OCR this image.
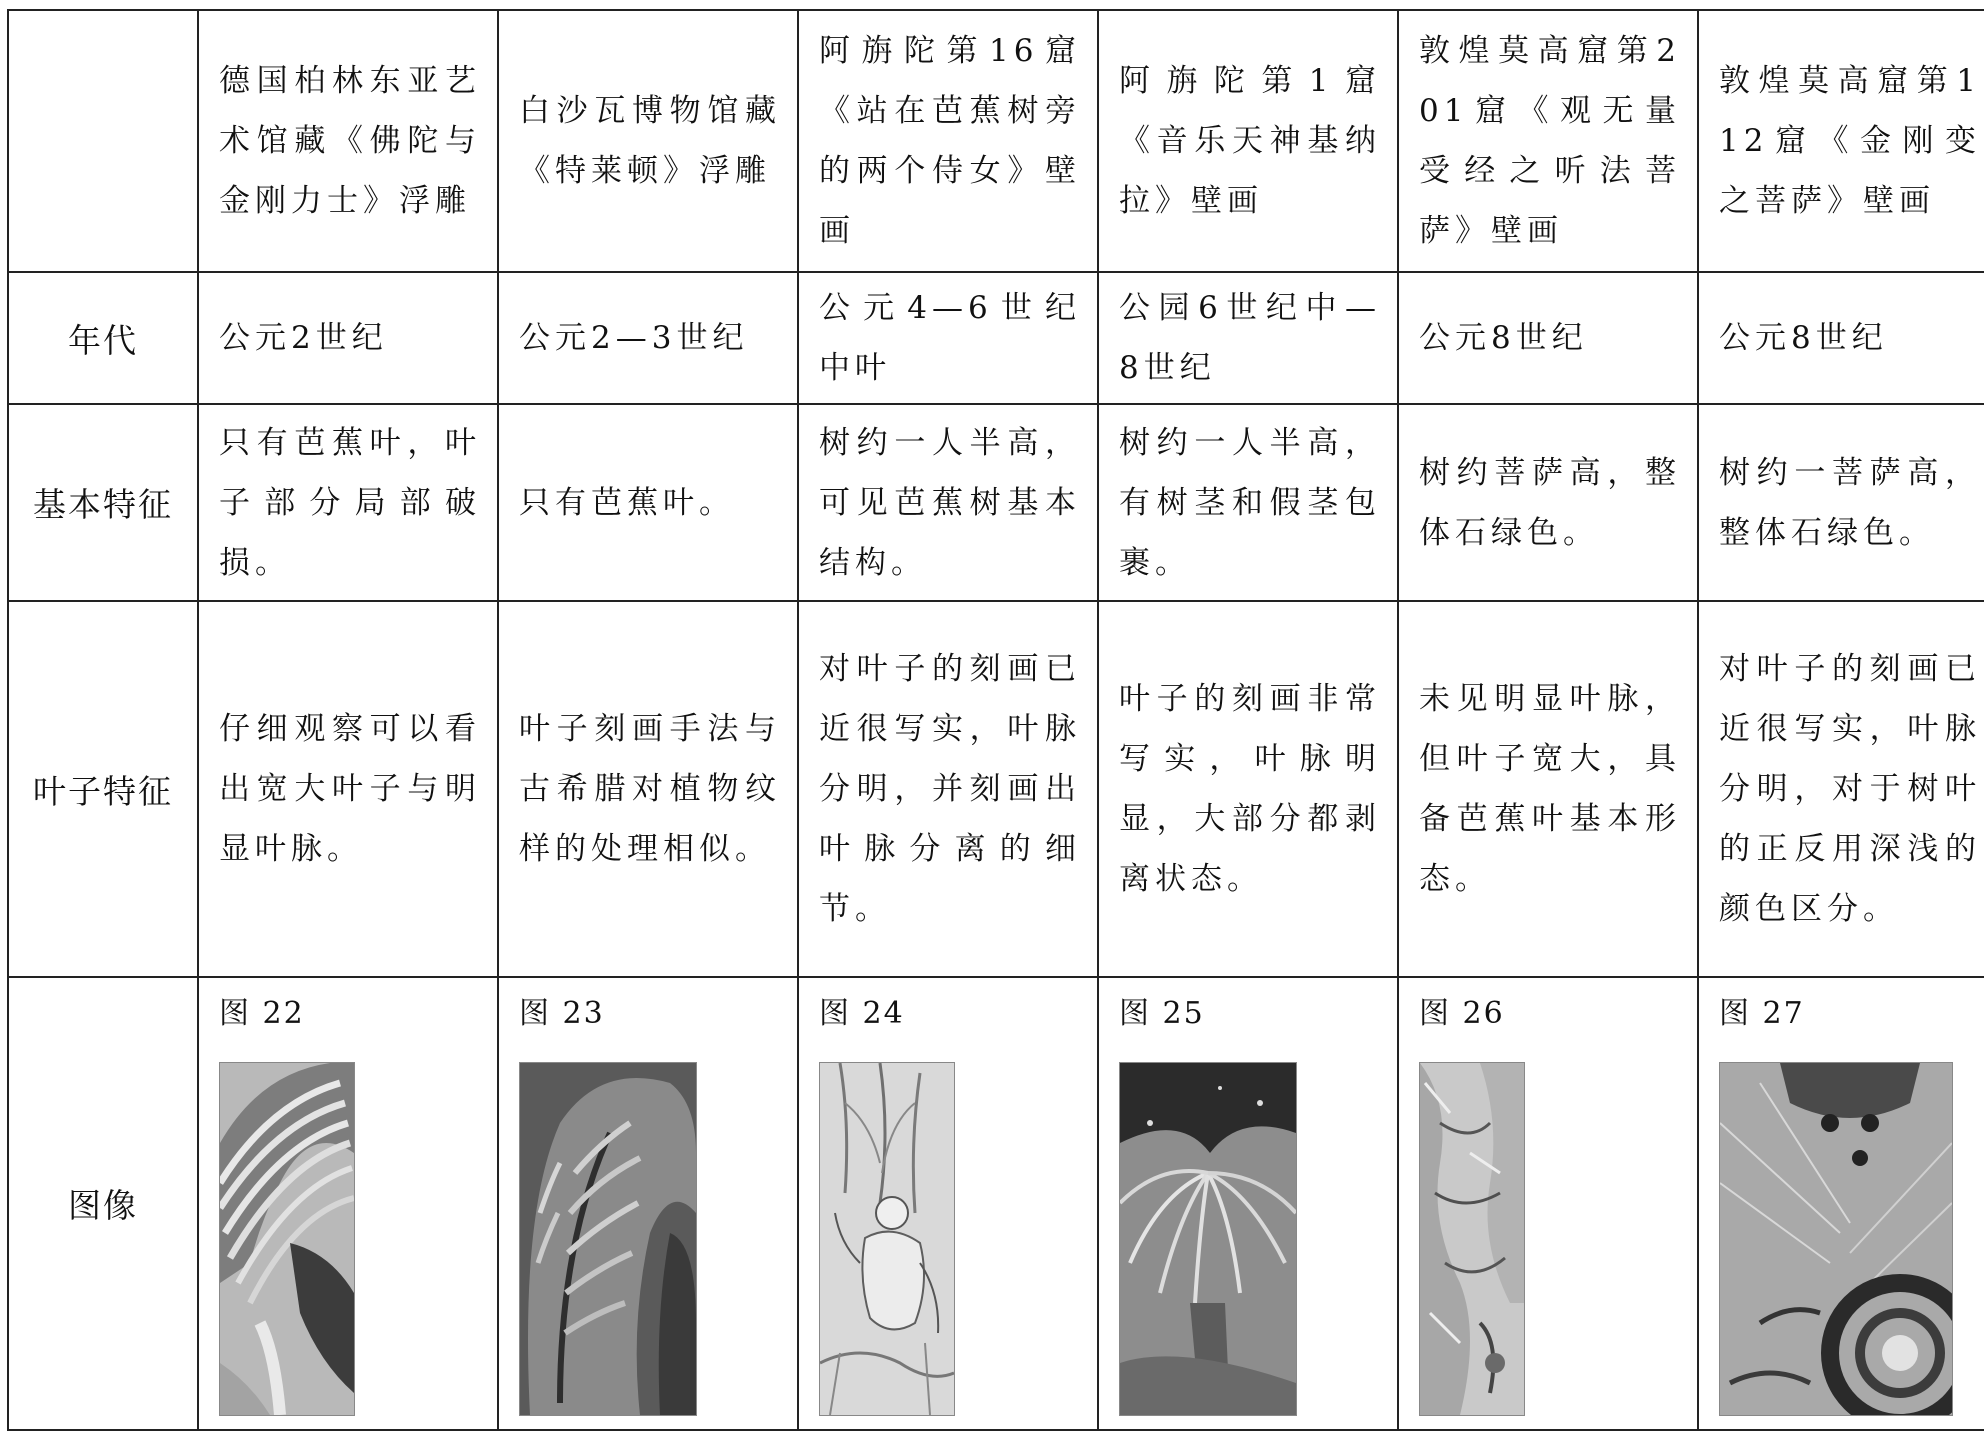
	德国柏林东亚艺术馆藏《佛陀与金刚力士》浮雕	白沙瓦博物馆藏《特莱顿》浮雕	阿旃陀第16窟《站在芭蕉树旁的两个侍女》壁画	阿旃陀第1窟《音乐天神基纳拉》壁画	敦煌莫高窟第201窟《观无量受经之听法菩萨》壁画	敦煌莫高窟第112窟《金刚变之菩萨》壁画
年代	公元2世纪	公元2—3世纪	公元4—6世纪中叶	公园6世纪中—8世纪	公元8世纪	公元8世纪
基本特征	只有芭蕉叶，叶子部分局部破损。	只有芭蕉叶。	树约一人半高，可见芭蕉树基本结构。	树约一人半高，有树茎和假茎包裹。	树约菩萨高，整体石绿色。	树约一菩萨高，整体石绿色。
叶子特征	仔细观察可以看出宽大叶子与明显叶脉。	叶子刻画手法与古希腊对植物纹样的处理相似。	对叶子的刻画已近很写实，叶脉分明，并刻画出叶脉分离的细节。	叶子的刻画非常写实，叶脉明显，大部分都剥离状态。	未见明显叶脉，但叶子宽大，具备芭蕉叶基本形态。	对叶子的刻画已近很写实，叶脉分明，对于树叶的正反用深浅的颜色区分。
图像	图 22	图 23	图 24	图 25	图 26	图 27
